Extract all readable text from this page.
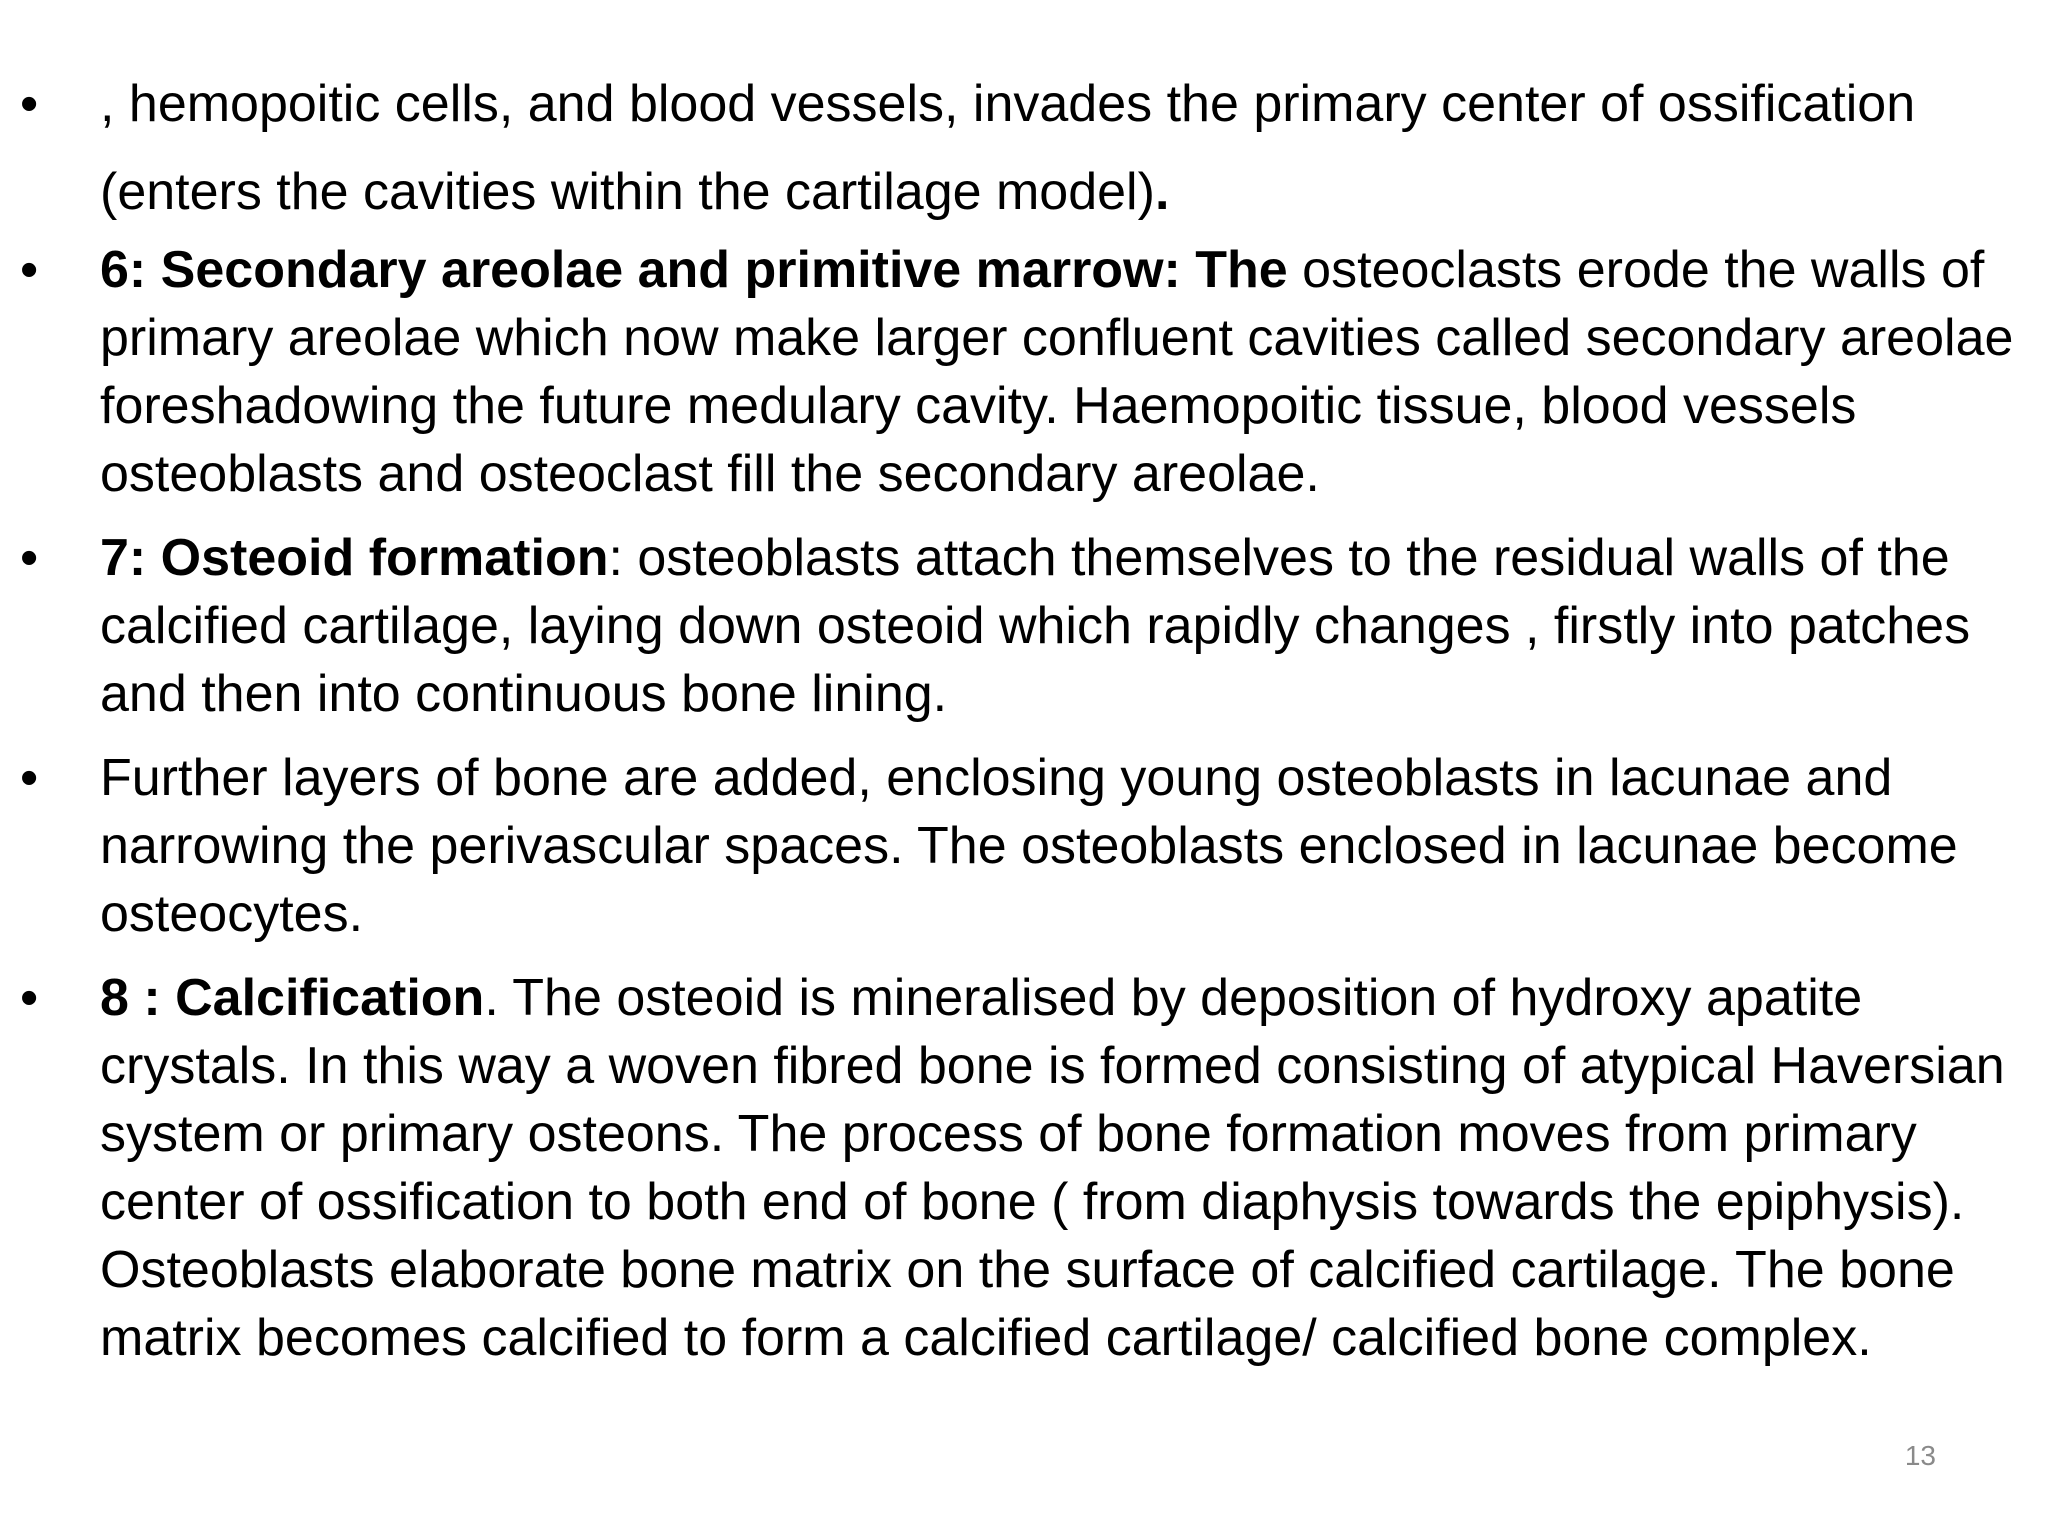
•	, hemopoitic cells, and blood vessels, invades the primary center of ossification (enters the cavities within the cartilage model).
•	6: Secondary areolae and primitive marrow: The osteoclasts erode the walls of primary areolae which now make larger confluent cavities called secondary areolae foreshadowing the future medulary cavity. Haemopoitic tissue, blood vessels osteoblasts and osteoclast fill the secondary areolae.
•	7: Osteoid formation: osteoblasts attach themselves to the residual walls of the calcified cartilage, laying down osteoid which rapidly changes , firstly into patches and then into continuous bone lining.
•	Further layers of bone are added, enclosing young osteoblasts in lacunae and narrowing the perivascular spaces. The osteoblasts enclosed in lacunae become osteocytes.
•	8 : Calcification. The osteoid is mineralised by deposition of hydroxy apatite crystals. In this way a woven fibred bone is formed consisting of atypical Haversian system or primary osteons. The process of bone formation moves from primary center of ossification to both end of bone ( from diaphysis towards the epiphysis). Osteoblasts elaborate bone matrix on the surface of calcified cartilage. The bone matrix becomes calcified to form a calcified cartilage/ calcified bone complex.
13
